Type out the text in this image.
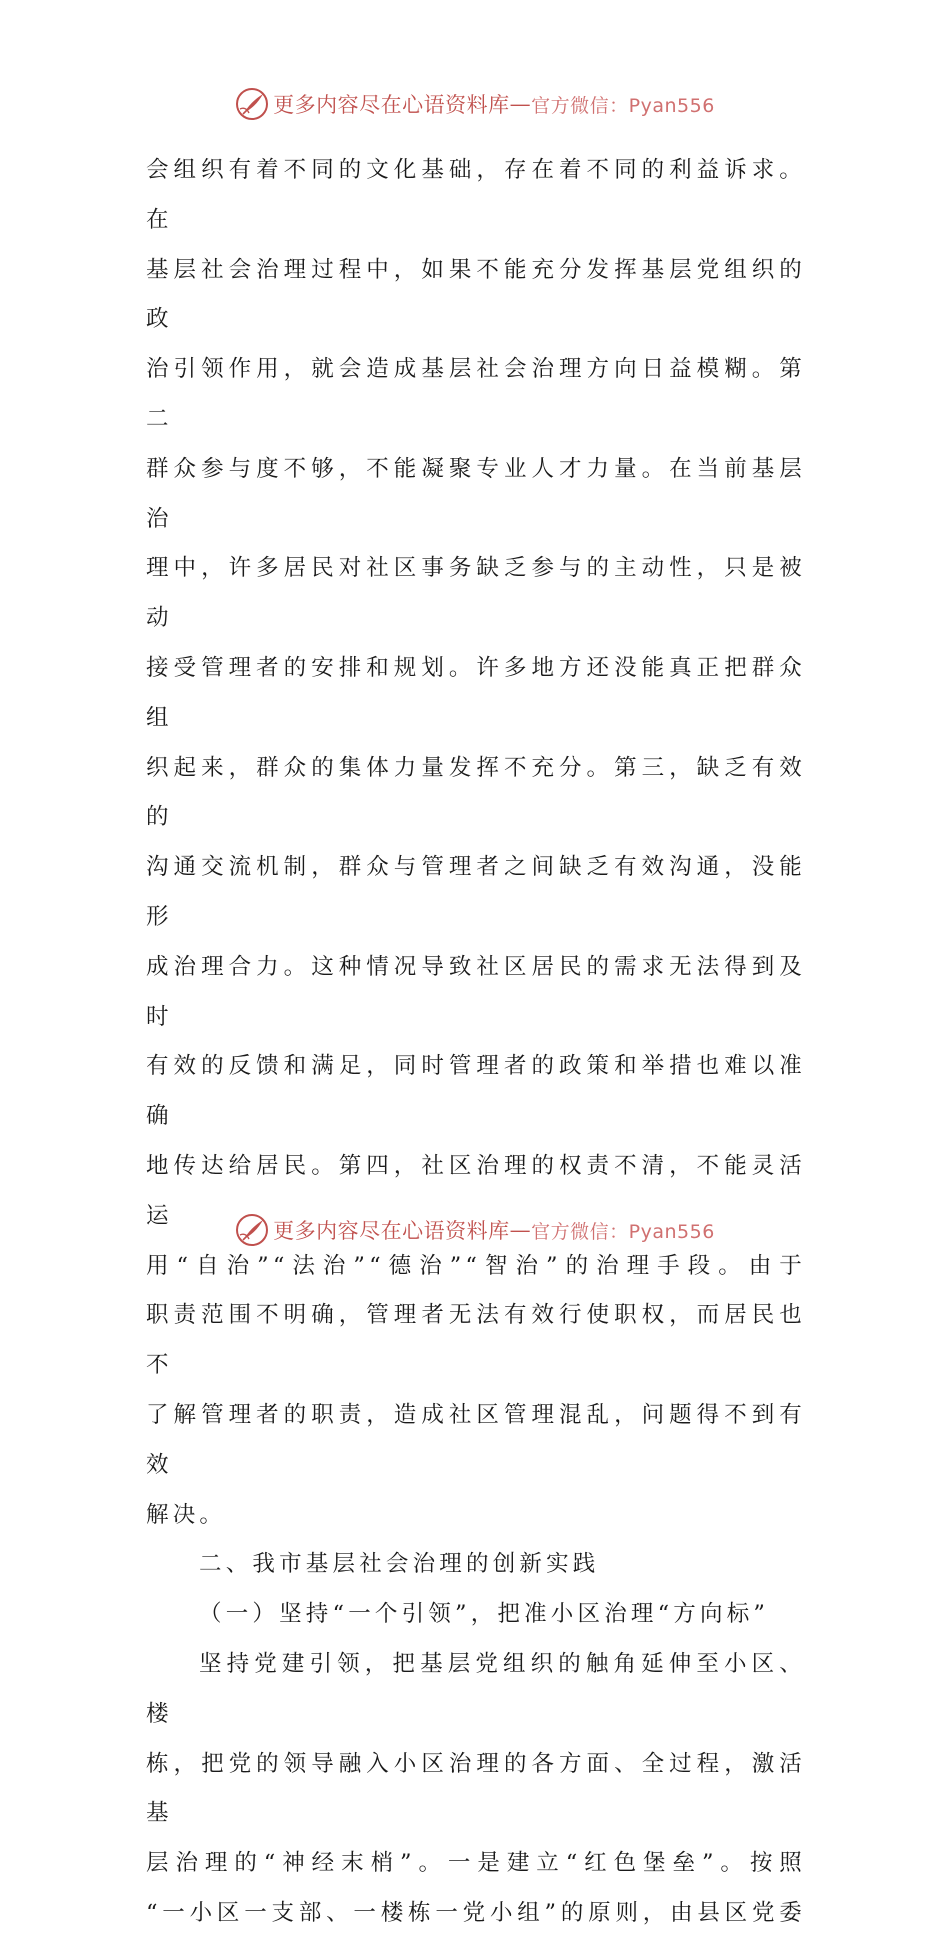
更多内容尽在心语资料库 — 官方微信：Pyan556

会组织有着不同的文化基础，存在着不同的利益诉求。在

基层社会治理过程中，如果不能充分发挥基层党组织的政

治引领作用，就会造成基层社会治理方向日益模糊。第二

群众参与度不够，不能凝聚专业人才力量。在当前基层治

理中，许多居民对社区事务缺乏参与的主动性，只是被动

接受管理者的安排和规划。许多地方还没能真正把群众组

织起来，群众的集体力量发挥不充分。第三，缺乏有效的

沟通交流机制，群众与管理者之间缺乏有效沟通，没能形

成治理合力。这种情况导致社区居民的需求无法得到及时

有效的反馈和满足，同时管理者的政策和举措也难以准确

地传达给居民。第四，社区治理的权责不清，不能灵活运

用“自治”“法治”“德治”“智治”的治理手段。由于

职责范围不明确，管理者无法有效行使职权，而居民也不

了解管理者的职责，造成社区管理混乱，问题得不到有效

解决。

二、我市基层社会治理的创新实践

（一）坚持“一个引领”，把准小区治理“方向标”

坚持党建引领，把基层党组织的触角延伸至小区、楼

栋，把党的领导融入小区治理的各方面、全过程，激活基

层治理的“神经末梢”。一是建立“红色堡垒”。按照

“一小区一支部、一楼栋一党小组”的原则，由县区党委

更多内容尽在心语资料库 — 官方微信：Pyan556
